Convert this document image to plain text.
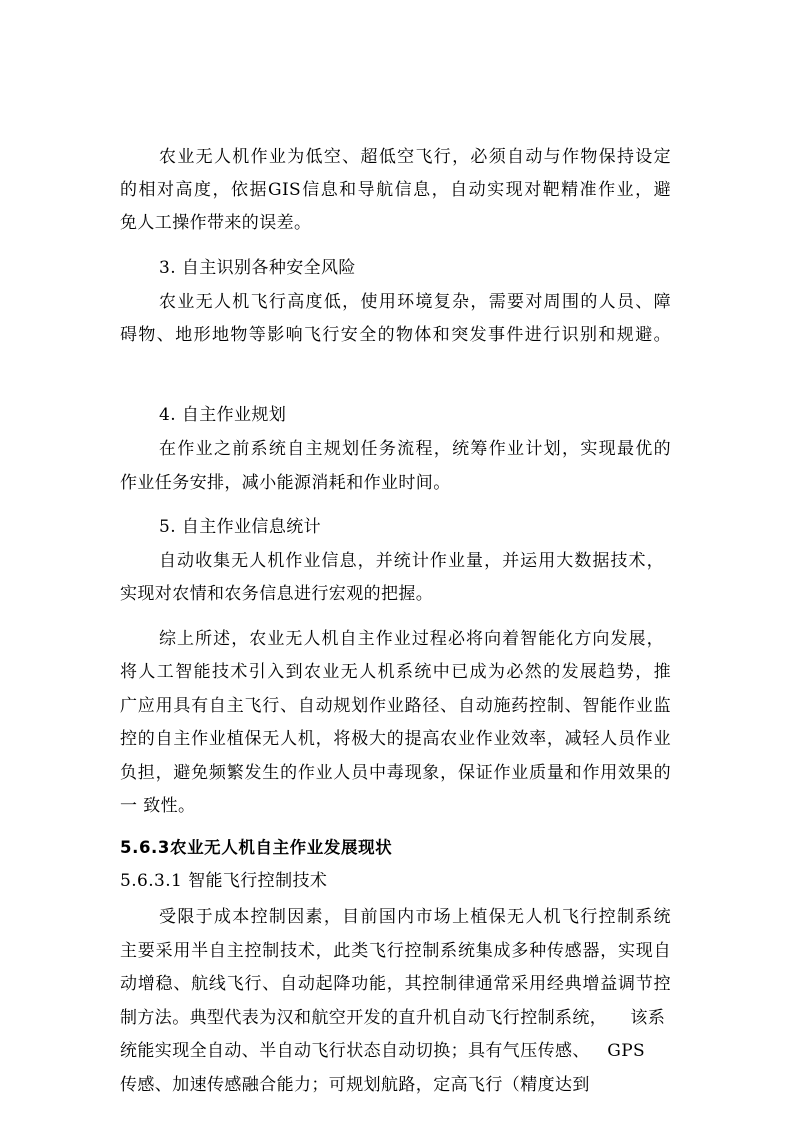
农业无人机作业为低空、超低空飞行，必须自动与作物保持设定
的相对高度，依据GIS信息和导航信息，自动实现对靶精准作业，避
免人工操作带来的误差。
3. 自主识别各种安全风险
农业无人机飞行高度低，使用环境复杂，需要对周围的人员、障
碍物、地形地物等影响飞行安全的物体和突发事件进行识别和规避。
4. 自主作业规划
在作业之前系统自主规划任务流程，统筹作业计划，实现最优的
作业任务安排，减小能源消耗和作业时间。
5. 自主作业信息统计
自动收集无人机作业信息，并统计作业量，并运用大数据技术，
实现对农情和农务信息进行宏观的把握。
综上所述，农业无人机自主作业过程必将向着智能化方向发展，
将人工智能技术引入到农业无人机系统中已成为必然的发展趋势，推
广应用具有自主飞行、自动规划作业路径、自动施药控制、智能作业监
控的自主作业植保无人机，将极大的提高农业作业效率，减轻人员作业
负担，避免频繁发生的作业人员中毒现象，保证作业质量和作用效果的
一 致性。
5.6.3农业无人机自主作业发展现状
5.6.3.1 智能飞行控制技术
受限于成本控制因素，目前国内市场上植保无人机飞行控制系统
主要采用半自主控制技术，此类飞行控制系统集成多种传感器，实现自
动增稳、航线飞行、自动起降功能，其控制律通常采用经典增益调节控
制方法。典型代表为汉和航空开发的直升机自动飞行控制系统，    该系
统能实现全自动、半自动飞行状态自动切换；具有气压传感、   GPS
传感、加速传感融合能力；可规划航路，定高飞行（精度达到
